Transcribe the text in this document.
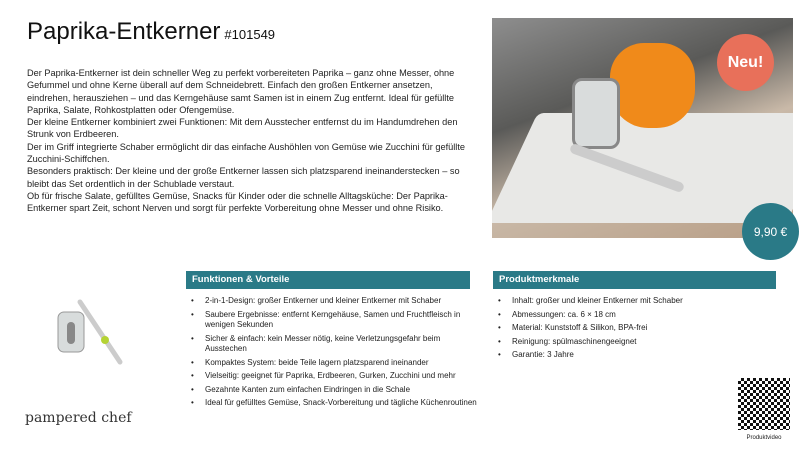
Paprika-Entkerner #101549

Der Paprika-Entkerner ist dein schneller Weg zu perfekt vorbereiteten Paprika – ganz ohne Messer, ohne Gefummel und ohne Kerne überall auf dem Schneidebrett. Einfach den großen Entkerner ansetzen, eindrehen, herausziehen – und das Kerngehäuse samt Samen ist in einem Zug entfernt. Ideal für gefüllte Paprika, Salate, Rohkostplatten oder Ofengemüse.

Der kleine Entkerner kombiniert zwei Funktionen: Mit dem Ausstecher entfernst du im Handumdrehen den Strunk von Erdbeeren.

Der im Griff integrierte Schaber ermöglicht dir das einfache Aushöhlen von Gemüse wie Zucchini für gefüllte Zucchini-Schiffchen.

Besonders praktisch: Der kleine und der große Entkerner lassen sich platzsparend ineinanderstecken – so bleibt das Set ordentlich in der Schublade verstaut.

Ob für frische Salate, gefülltes Gemüse, Snacks für Kinder oder die schnelle Alltagsküche: Der Paprika-Entkerner spart Zeit, schont Nerven und sorgt für perfekte Vorbereitung ohne Messer und ohne Risiko.

Neu!
9,90 €
Funktionen & Vorteile
• 2-in-1-Design: großer Entkerner und kleiner Entkerner mit Schaber
• Saubere Ergebnisse: entfernt Kerngehäuse, Samen und Fruchtfleisch in wenigen Sekunden
• Sicher & einfach: kein Messer nötig, keine Verletzungsgefahr beim Ausstechen
• Kompaktes System: beide Teile lagern platzsparend ineinander
• Vielseitig: geeignet für Paprika, Erdbeeren, Gurken, Zucchini und mehr
• Gezahnte Kanten zum einfachen Eindringen in die Schale
• Ideal für gefülltes Gemüse, Snack-Vorbereitung und tägliche Küchenroutinen
Produktmerkmale
• Inhalt: großer und kleiner Entkerner mit Schaber
• Abmessungen: ca. 6 × 18 cm
• Material: Kunststoff & Silikon, BPA-frei
• Reinigung: spülmaschinengeeignet
• Garantie: 3 Jahre
pampered chef
Produktvideo
